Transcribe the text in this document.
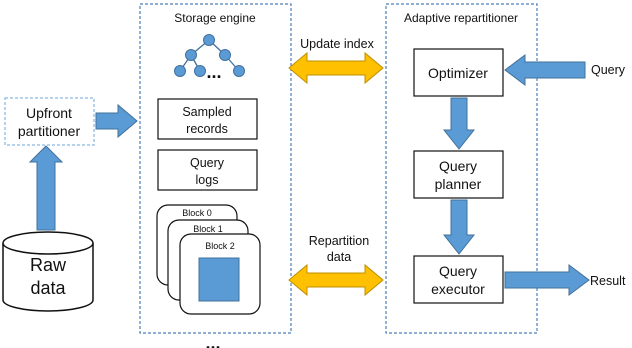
Upfront
partitioner
Raw
data
Storage engine
...
Sampled
records
Query
logs
Block 0
Block 1
Block 2
...
Update index
Repartition
data
Adaptive repartitioner
Optimizer
Query
planner
Query
executor
Query
Result
